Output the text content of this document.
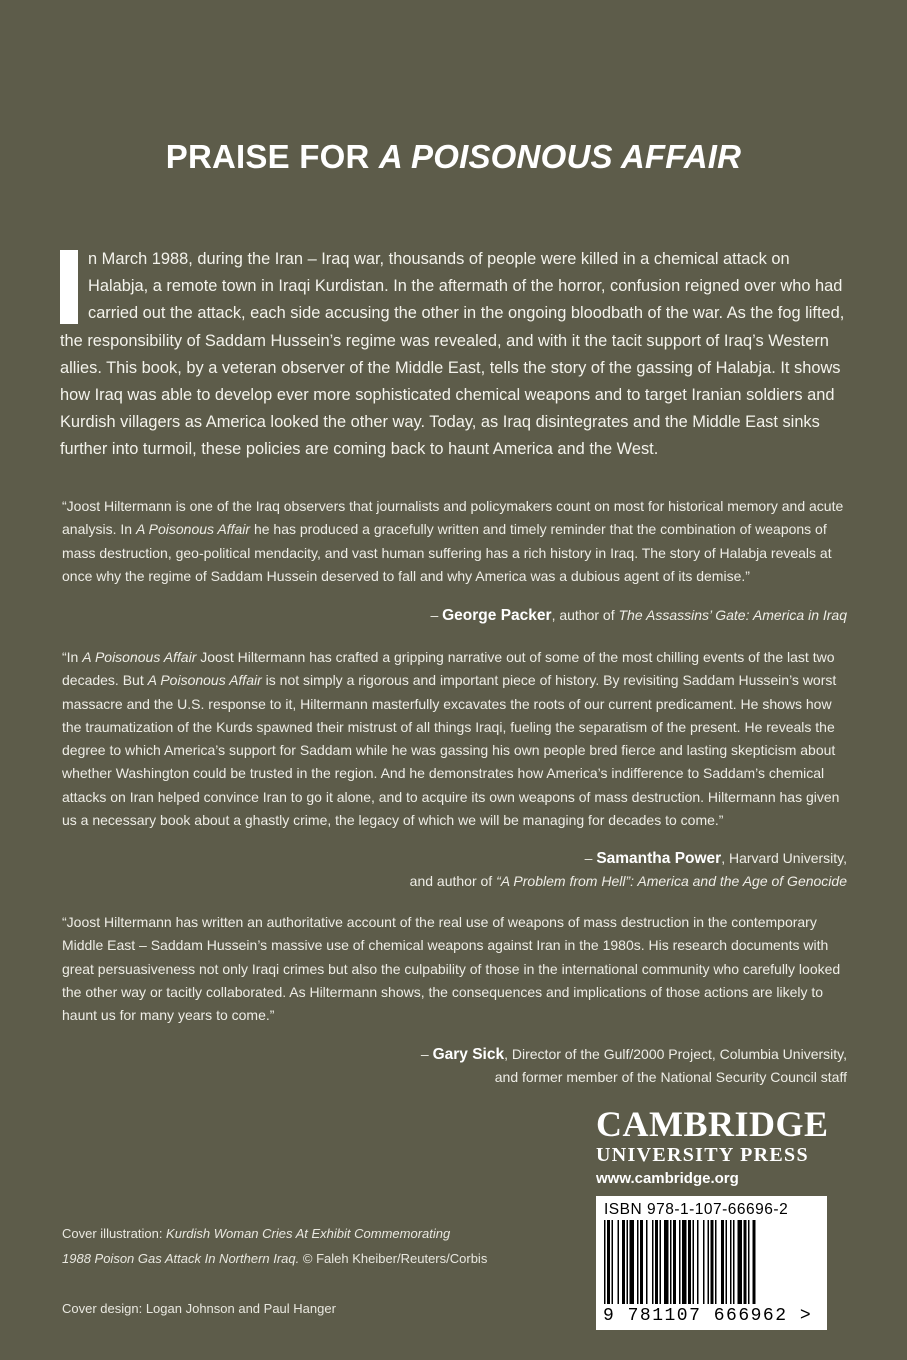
PRAISE FOR A POISONOUS AFFAIR
n March 1988, during the Iran – Iraq war, thousands of people were killed in a chemical attack on Halabja, a remote town in Iraqi Kurdistan. In the aftermath of the horror, confusion reigned over who had carried out the attack, each side accusing the other in the ongoing bloodbath of the war. As the fog lifted, the responsibility of Saddam Hussein’s regime was revealed, and with it the tacit support of Iraq’s Western allies. This book, by a veteran observer of the Middle East, tells the story of the gassing of Halabja. It shows how Iraq was able to develop ever more sophisticated chemical weapons and to target Iranian soldiers and Kurdish villagers as America looked the other way. Today, as Iraq disintegrates and the Middle East sinks further into turmoil, these policies are coming back to haunt America and the West.
“Joost Hiltermann is one of the Iraq observers that journalists and policymakers count on most for historical memory and acute analysis. In A Poisonous Affair he has produced a gracefully written and timely reminder that the combination of weapons of mass destruction, geo-political mendacity, and vast human suffering has a rich history in Iraq. The story of Halabja reveals at once why the regime of Saddam Hussein deserved to fall and why America was a dubious agent of its demise.”
– George Packer, author of The Assassins’ Gate: America in Iraq
“In A Poisonous Affair Joost Hiltermann has crafted a gripping narrative out of some of the most chilling events of the last two decades. But A Poisonous Affair is not simply a rigorous and important piece of history. By revisiting Saddam Hussein’s worst massacre and the U.S. response to it, Hiltermann masterfully excavates the roots of our current predicament. He shows how the traumatization of the Kurds spawned their mistrust of all things Iraqi, fueling the separatism of the present. He reveals the degree to which America’s support for Saddam while he was gassing his own people bred fierce and lasting skepticism about whether Washington could be trusted in the region. And he demonstrates how America’s indifference to Saddam’s chemical attacks on Iran helped convince Iran to go it alone, and to acquire its own weapons of mass destruction. Hiltermann has given us a necessary book about a ghastly crime, the legacy of which we will be managing for decades to come.”
– Samantha Power, Harvard University,
and author of “A Problem from Hell”: America and the Age of Genocide
“Joost Hiltermann has written an authoritative account of the real use of weapons of mass destruction in the contemporary Middle East – Saddam Hussein’s massive use of chemical weapons against Iran in the 1980s. His research documents with great persuasiveness not only Iraqi crimes but also the culpability of those in the international community who carefully looked the other way or tacitly collaborated. As Hiltermann shows, the consequences and implications of those actions are likely to haunt us for many years to come.”
– Gary Sick, Director of the Gulf/2000 Project, Columbia University,
and former member of the National Security Council staff
CAMBRIDGE
UNIVERSITY PRESS
www.cambridge.org
ISBN 978-1-107-66696-2
9 781107 666962 >
Cover illustration: Kurdish Woman Cries At Exhibit Commemorating
1988 Poison Gas Attack In Northern Iraq. © Faleh Kheiber/Reuters/Corbis
Cover design: Logan Johnson and Paul Hanger
